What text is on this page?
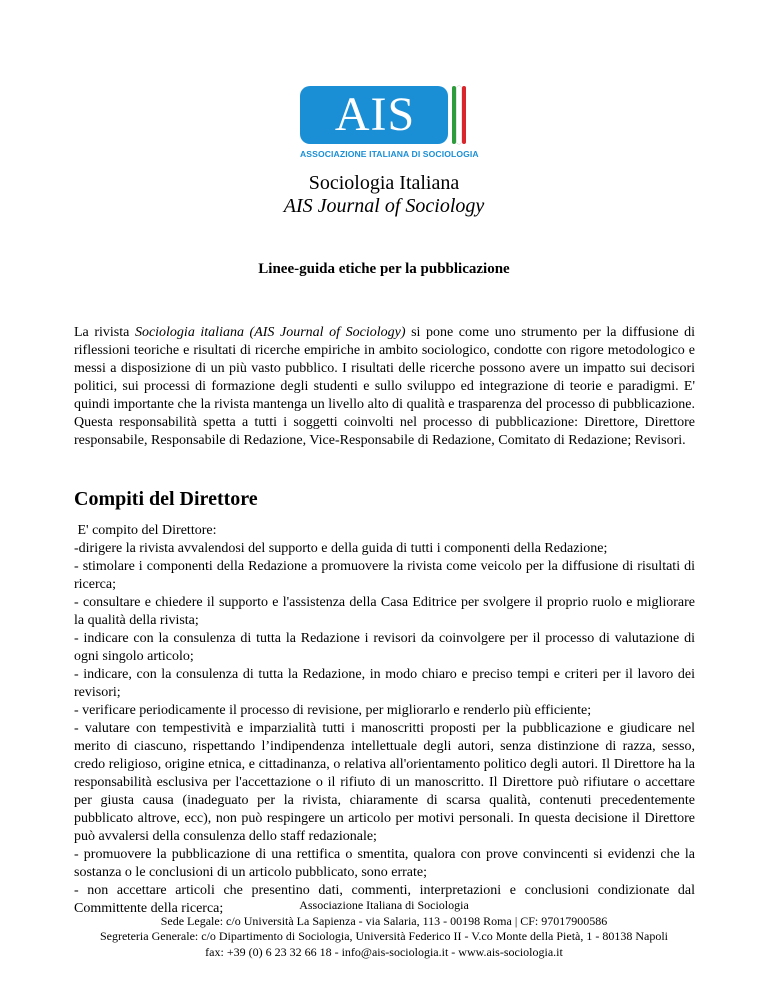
AIS
ASSOCIAZIONE ITALIANA DI SOCIOLOGIA
Sociologia Italiana
AIS Journal of Sociology
Linee-guida etiche per la pubblicazione
La rivista Sociologia italiana (AIS Journal of Sociology) si pone come uno strumento per la diffusione di riflessioni teoriche e risultati di ricerche empiriche in ambito sociologico, condotte con rigore metodologico e messi a disposizione di un più vasto pubblico. I risultati delle ricerche possono avere un impatto sui decisori politici, sui processi di formazione degli studenti e sullo sviluppo ed integrazione di teorie e paradigmi. E' quindi importante che la rivista mantenga un livello alto di qualità e trasparenza del processo di pubblicazione. Questa responsabilità spetta a tutti i soggetti coinvolti nel processo di pubblicazione: Direttore, Direttore responsabile, Responsabile di Redazione, Vice-Responsabile di Redazione, Comitato di Redazione; Revisori.
Compiti del Direttore

E' compito del Direttore:

-dirigere la rivista avvalendosi del supporto e della guida di tutti i componenti della Redazione;

- stimolare i componenti della Redazione a promuovere la rivista come veicolo per la diffusione di risultati di ricerca;

- consultare e chiedere il supporto e l'assistenza della Casa Editrice per svolgere il proprio ruolo e migliorare la qualità della rivista;

- indicare con la consulenza di tutta la Redazione i revisori da coinvolgere per il processo di valutazione di ogni singolo articolo;

- indicare, con la consulenza di tutta la Redazione, in modo chiaro e preciso tempi e criteri per il lavoro dei revisori;

- verificare periodicamente il processo di revisione, per migliorarlo e renderlo più efficiente;

- valutare con tempestività e imparzialità tutti i manoscritti proposti per la pubblicazione e giudicare nel merito di ciascuno, rispettando l’indipendenza intellettuale degli autori, senza distinzione di razza, sesso, credo religioso, origine etnica, e cittadinanza, o relativa all'orientamento politico degli autori. Il Direttore ha la responsabilità esclusiva per l'accettazione o il rifiuto di un manoscritto. Il Direttore può rifiutare o accettare per giusta causa (inadeguato per la rivista, chiaramente di scarsa qualità, contenuti precedentemente pubblicato altrove, ecc), non può respingere un articolo per motivi personali. In questa decisione il Direttore può avvalersi della consulenza dello staff redazionale;

- promuovere la pubblicazione di una rettifica o smentita, qualora con prove convincenti si evidenzi che la sostanza o le conclusioni di un articolo pubblicato, sono errate;

- non accettare articoli che presentino dati, commenti, interpretazioni e conclusioni condizionate dal Committente della ricerca;	Associazione Italiana di Sociologia
Sede Legale: c/o Università La Sapienza - via Salaria, 113 - 00198 Roma | CF: 97017900586
Segreteria Generale: c/o Dipartimento di Sociologia, Università Federico II - V.co Monte della Pietà, 1 - 80138 Napoli
fax: +39 (0) 6 23 32 66 18 - info@ais-sociologia.it - www.ais-sociologia.it
